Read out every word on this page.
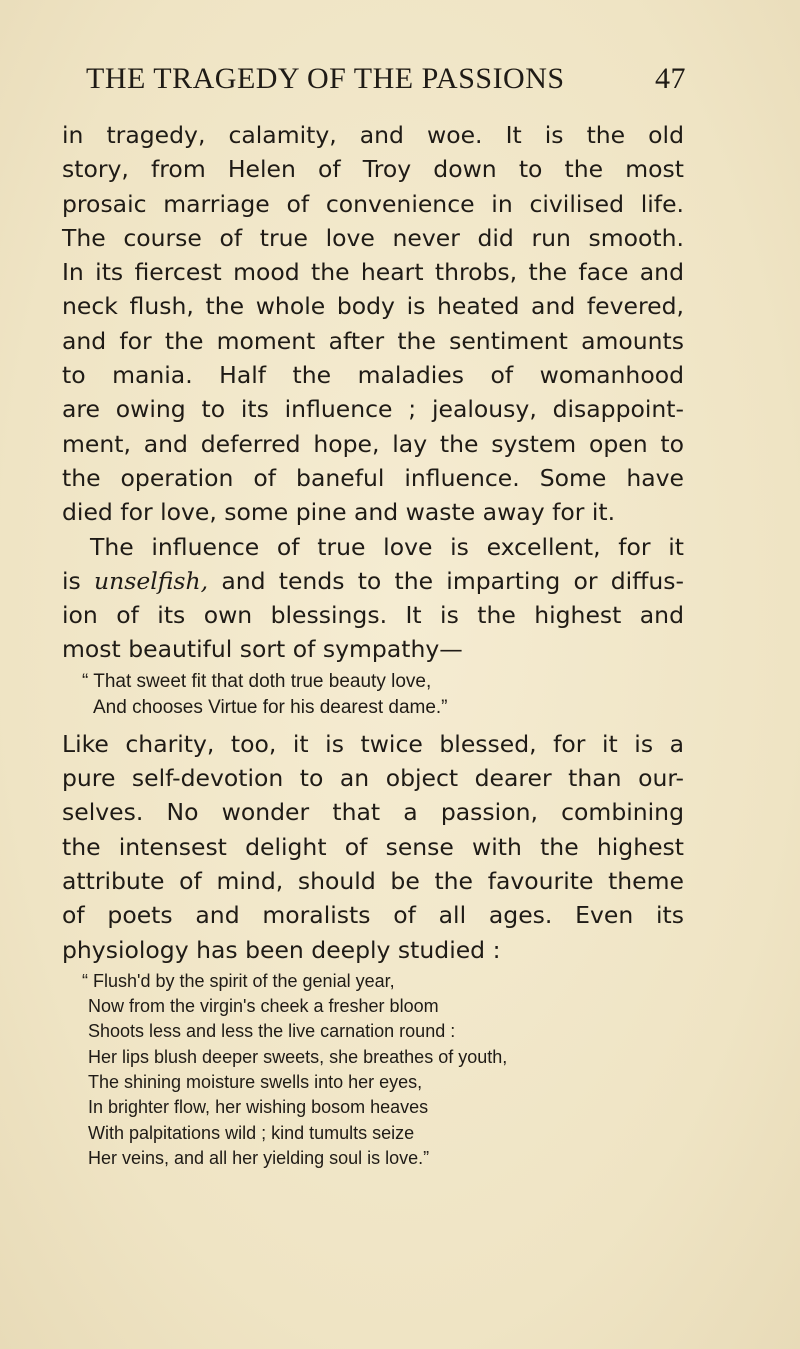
THE TRAGEDY OF THE PASSIONS	47
in tragedy, calamity, and woe. It is the old
story, from Helen of Troy down to the most
prosaic marriage of convenience in civilised life.
The course of true love never did run smooth.
In its fiercest mood the heart throbs, the face and
neck flush, the whole body is heated and fevered,
and for the moment after the sentiment amounts
to mania. Half the maladies of womanhood
are owing to its influence ; jealousy, disappoint-
ment, and deferred hope, lay the system open to
the operation of baneful influence. Some have
died for love, some pine and waste away for it.
The influence of true love is excellent, for it
is unselfish, and tends to the imparting or diffus-
ion of its own blessings. It is the highest and
most beautiful sort of sympathy—
“ That sweet fit that doth true beauty love,
And chooses Virtue for his dearest dame.”
Like charity, too, it is twice blessed, for it is a
pure self-devotion to an object dearer than our-
selves. No wonder that a passion, combining
the intensest delight of sense with the highest
attribute of mind, should be the favourite theme
of poets and moralists of all ages. Even its
physiology has been deeply studied :
“ Flush'd by the spirit of the genial year,
Now from the virgin's cheek a fresher bloom
Shoots less and less the live carnation round :
Her lips blush deeper sweets, she breathes of youth,
The shining moisture swells into her eyes,
In brighter flow, her wishing bosom heaves
With palpitations wild ; kind tumults seize
Her veins, and all her yielding soul is love.”
